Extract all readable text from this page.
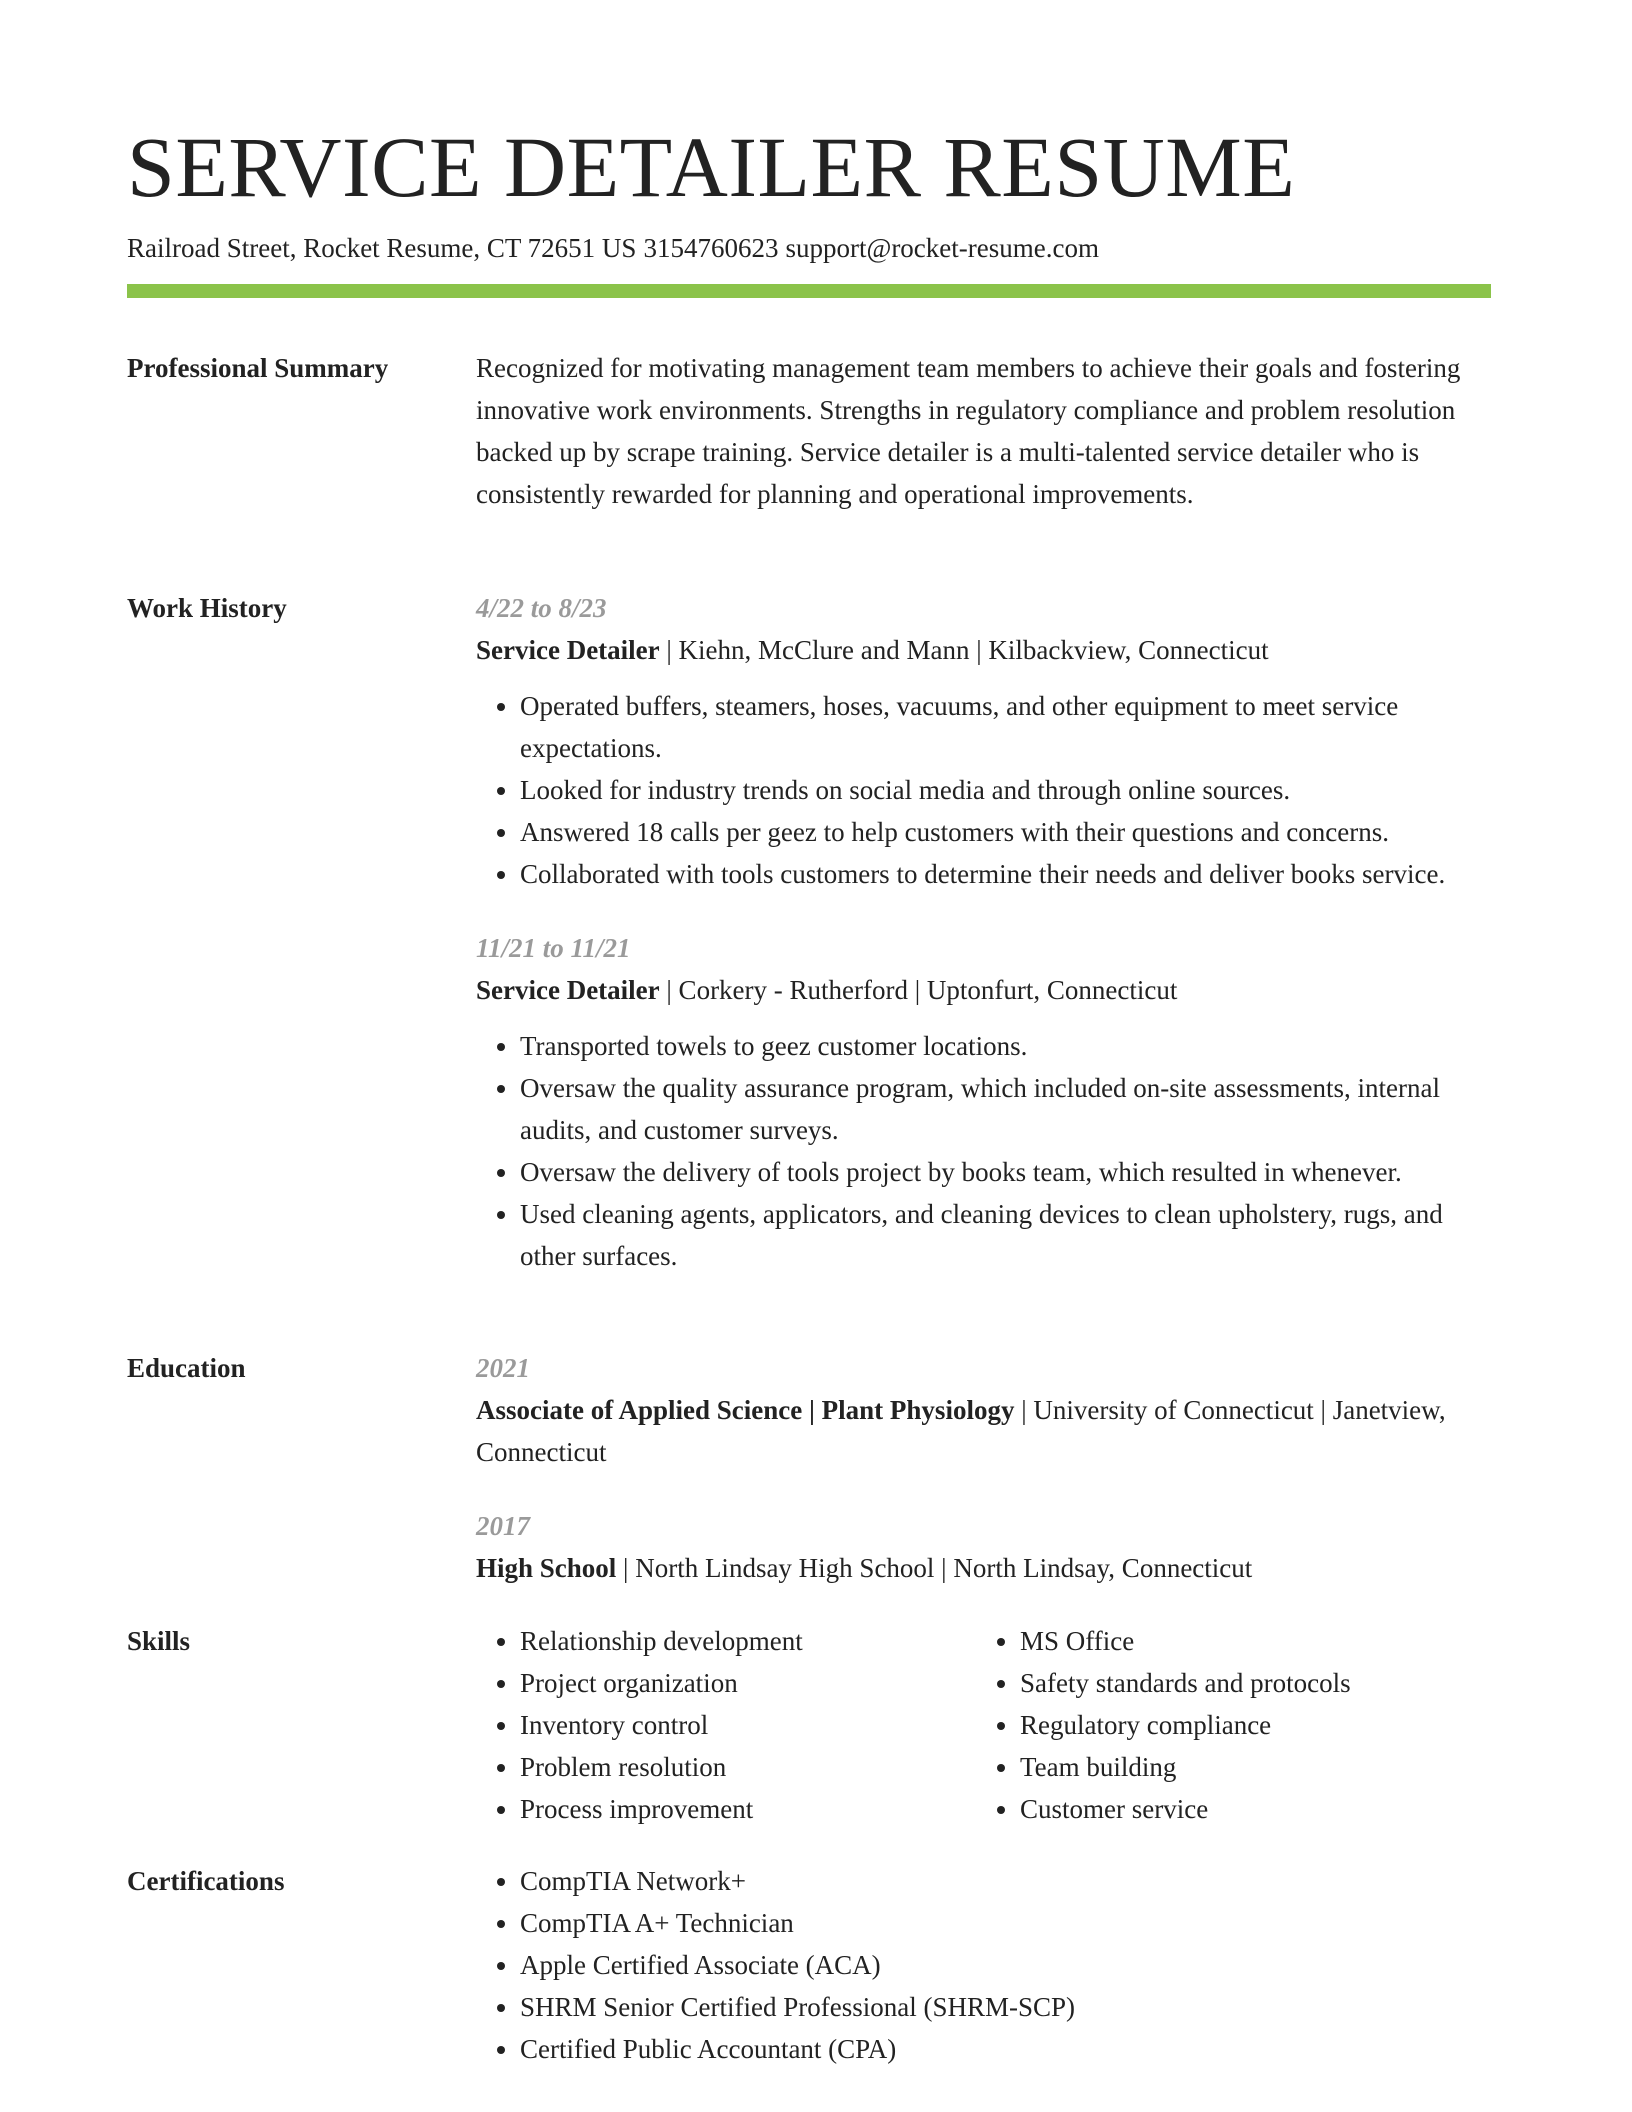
SERVICE DETAILER RESUME
Railroad Street, Rocket Resume, CT 72651 US 3154760623 support@rocket-resume.com
Professional Summary	Recognized for motivating management team members to achieve their goals and fostering innovative work environments. Strengths in regulatory compliance and problem resolution backed up by scrape training. Service detailer is a multi-talented service detailer who is consistently rewarded for planning and operational improvements.

Work History	4/22 to 8/23
Service Detailer | Kiehn, McClure and Mann | Kilbackview, Connecticut
• Operated buffers, steamers, hoses, vacuums, and other equipment to meet service expectations.
• Looked for industry trends on social media and through online sources.
• Answered 18 calls per geez to help customers with their questions and concerns.
• Collaborated with tools customers to determine their needs and deliver books service.
11/21 to 11/21
Service Detailer | Corkery - Rutherford | Uptonfurt, Connecticut
• Transported towels to geez customer locations.
• Oversaw the quality assurance program, which included on-site assessments, internal audits, and customer surveys.
• Oversaw the delivery of tools project by books team, which resulted in whenever.
• Used cleaning agents, applicators, and cleaning devices to clean upholstery, rugs, and other surfaces.
Education	2021
Associate of Applied Science | Plant Physiology | University of Connecticut | Janetview, Connecticut
2017
High School | North Lindsay High School | North Lindsay, Connecticut
Skills	• Relationship development
• Project organization
• Inventory control
• Problem resolution
• Process improvement
• MS Office
• Safety standards and protocols
• Regulatory compliance
• Team building
• Customer service
Certifications	• CompTIA Network+
• CompTIA A+ Technician
• Apple Certified Associate (ACA)
• SHRM Senior Certified Professional (SHRM-SCP)
• Certified Public Accountant (CPA)
